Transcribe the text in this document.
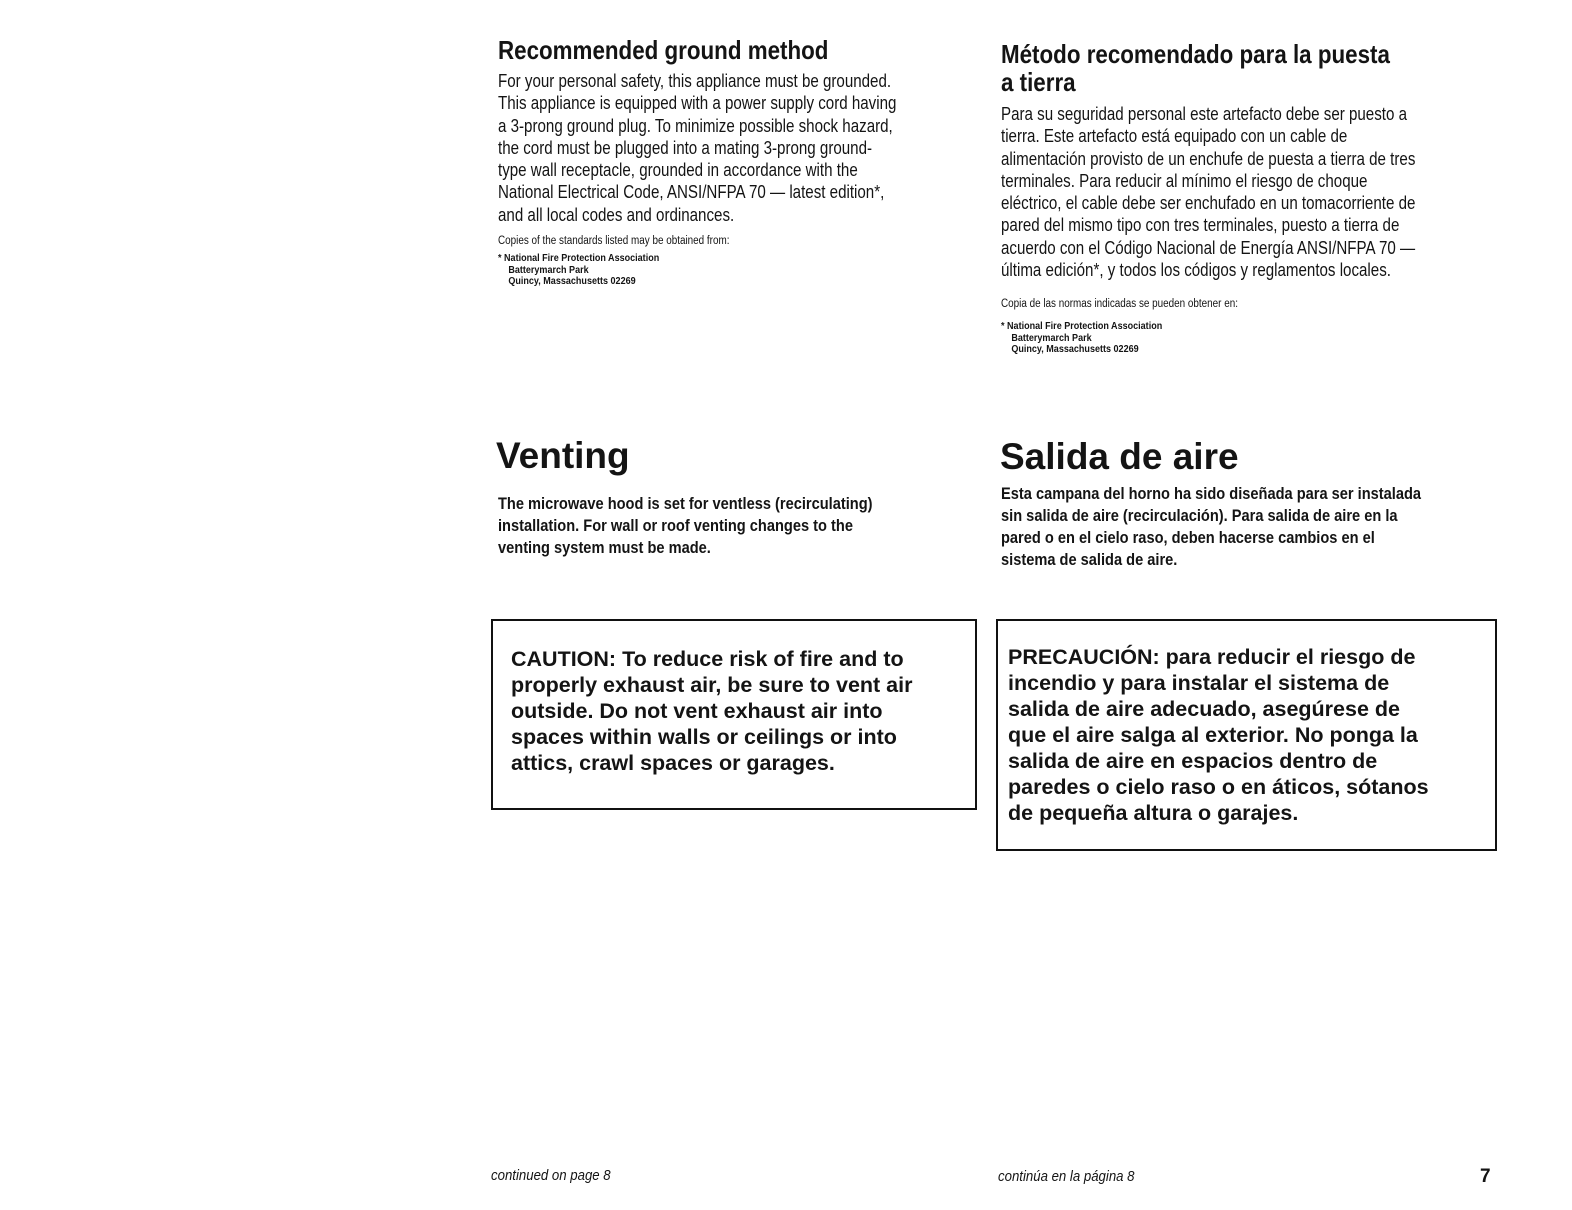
Recommended ground method
For your personal safety, this appliance must be grounded.
This appliance is equipped with a power supply cord having
a 3-prong ground plug. To minimize possible shock hazard,
the cord must be plugged into a mating 3-prong ground-
type wall receptacle, grounded in accordance with the
National Electrical Code, ANSI/NFPA 70 — latest edition*,
and all local codes and ordinances.

Copies of the standards listed may be obtained from:

* National Fire Protection Association
Batterymarch Park
Quincy, Massachusetts 02269
Venting
The microwave hood is set for ventless (recirculating)
installation. For wall or roof venting changes to the
venting system must be made.
CAUTION: To reduce risk of fire and to
properly exhaust air, be sure to vent air
outside. Do not vent exhaust air into
spaces within walls or ceilings or into
attics, crawl spaces or garages.

continued on page 8

Método recomendado para la puesta
a tierra
Para su seguridad personal este artefacto debe ser puesto a
tierra. Este artefacto está equipado con un cable de
alimentación provisto de un enchufe de puesta a tierra de tres
terminales. Para reducir al mínimo el riesgo de choque
eléctrico, el cable debe ser enchufado en un tomacorriente de
pared del mismo tipo con tres terminales, puesto a tierra de
acuerdo con el Código Nacional de Energía ANSI/NFPA 70 —
última edición*, y todos los códigos y reglamentos locales.

Copia de las normas indicadas se pueden obtener en:

* National Fire Protection Association
Batterymarch Park
Quincy, Massachusetts 02269
Salida de aire
Esta campana del horno ha sido diseñada para ser instalada
sin salida de aire (recirculación). Para salida de aire en la
pared o en el cielo raso, deben hacerse cambios en el
sistema de salida de aire.
PRECAUCIÓN: para reducir el riesgo de
incendio y para instalar el sistema de
salida de aire adecuado, asegúrese de
que el aire salga al exterior. No ponga la
salida de aire en espacios dentro de
paredes o cielo raso o en áticos, sótanos
de pequeña altura o garajes.

continúa en la página 8	7
